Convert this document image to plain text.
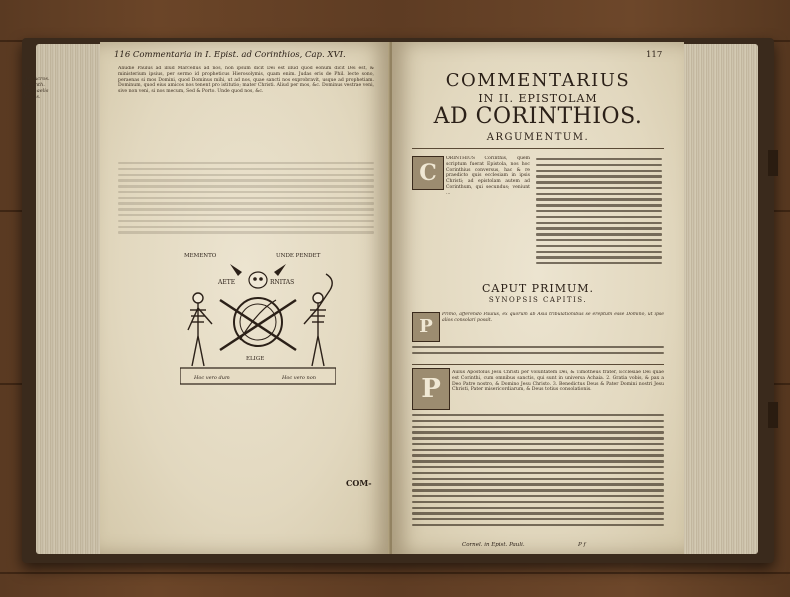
116 Commentaria in I. Epist. ad Corinthios, Cap. XVI.
Ac. Acros.
Corinth.
Michaelis
Locus.
Aliudie Paulus ad illud Marcellus ad nos, non ipsum dicit Dei est illud quod eonum dicit Dei est, & ministerium ipsius, per sermo id propheticus Hierosolymis, quam enim. Judas eris de Phil. lecte sono, peraenas si mos Domini, quod Dominus mihi, ut ad nos, quae sancti nos exprobravit, usque ad prophetiam. Dominum, quod eius amicos nos tenent pro istitutio; mater Christi. Aliud per mos, &c. Dominus vestrae veni, sive non veni, si nos mecum, Sed & Porto. Unde quod nos, &c.
MEMENTO	UNDE PENDET
AETE	RNITAS
ELIGE
Hoc vero dum	Hoc vero non
COM-
117
COMMENTARIUS
IN II. EPISTOLAM
AD CORINTHIOS.
ARGUMENTUM.
C
ORINTHIUS Corinthis, quem scriptum fuerat Epistola, nos hoc Corinthius conversus, hac & re praedicto quis ecclesiam in ipsis Christi; ad epistolam autem ad Corinthum, qui secundus; veniunt ...
CAPUT PRIMUM.
SYNOPSIS CAPITIS.
P
Primo, afferendo Paulus, ex quorum ab Asia tribulationibus se ereptum esse Domino, ut ipse alios consolari possit.
P
Aulus Apostolus Jesu Christi per voluntatem Dei, & Timotheus frater, Ecclesiae Dei quae est Corinthi, cum omnibus sanctis, qui sunt in universa Achaia. 2. Gratia vobis, & pax a Deo Patre nostro, & Domino Jesu Christo. 3. Benedictus Deus & Pater Domini nostri Jesu Christi, Pater misericordiarum, & Deus totius consolationis.
Cornel. in Epist. Pauli.	P f
